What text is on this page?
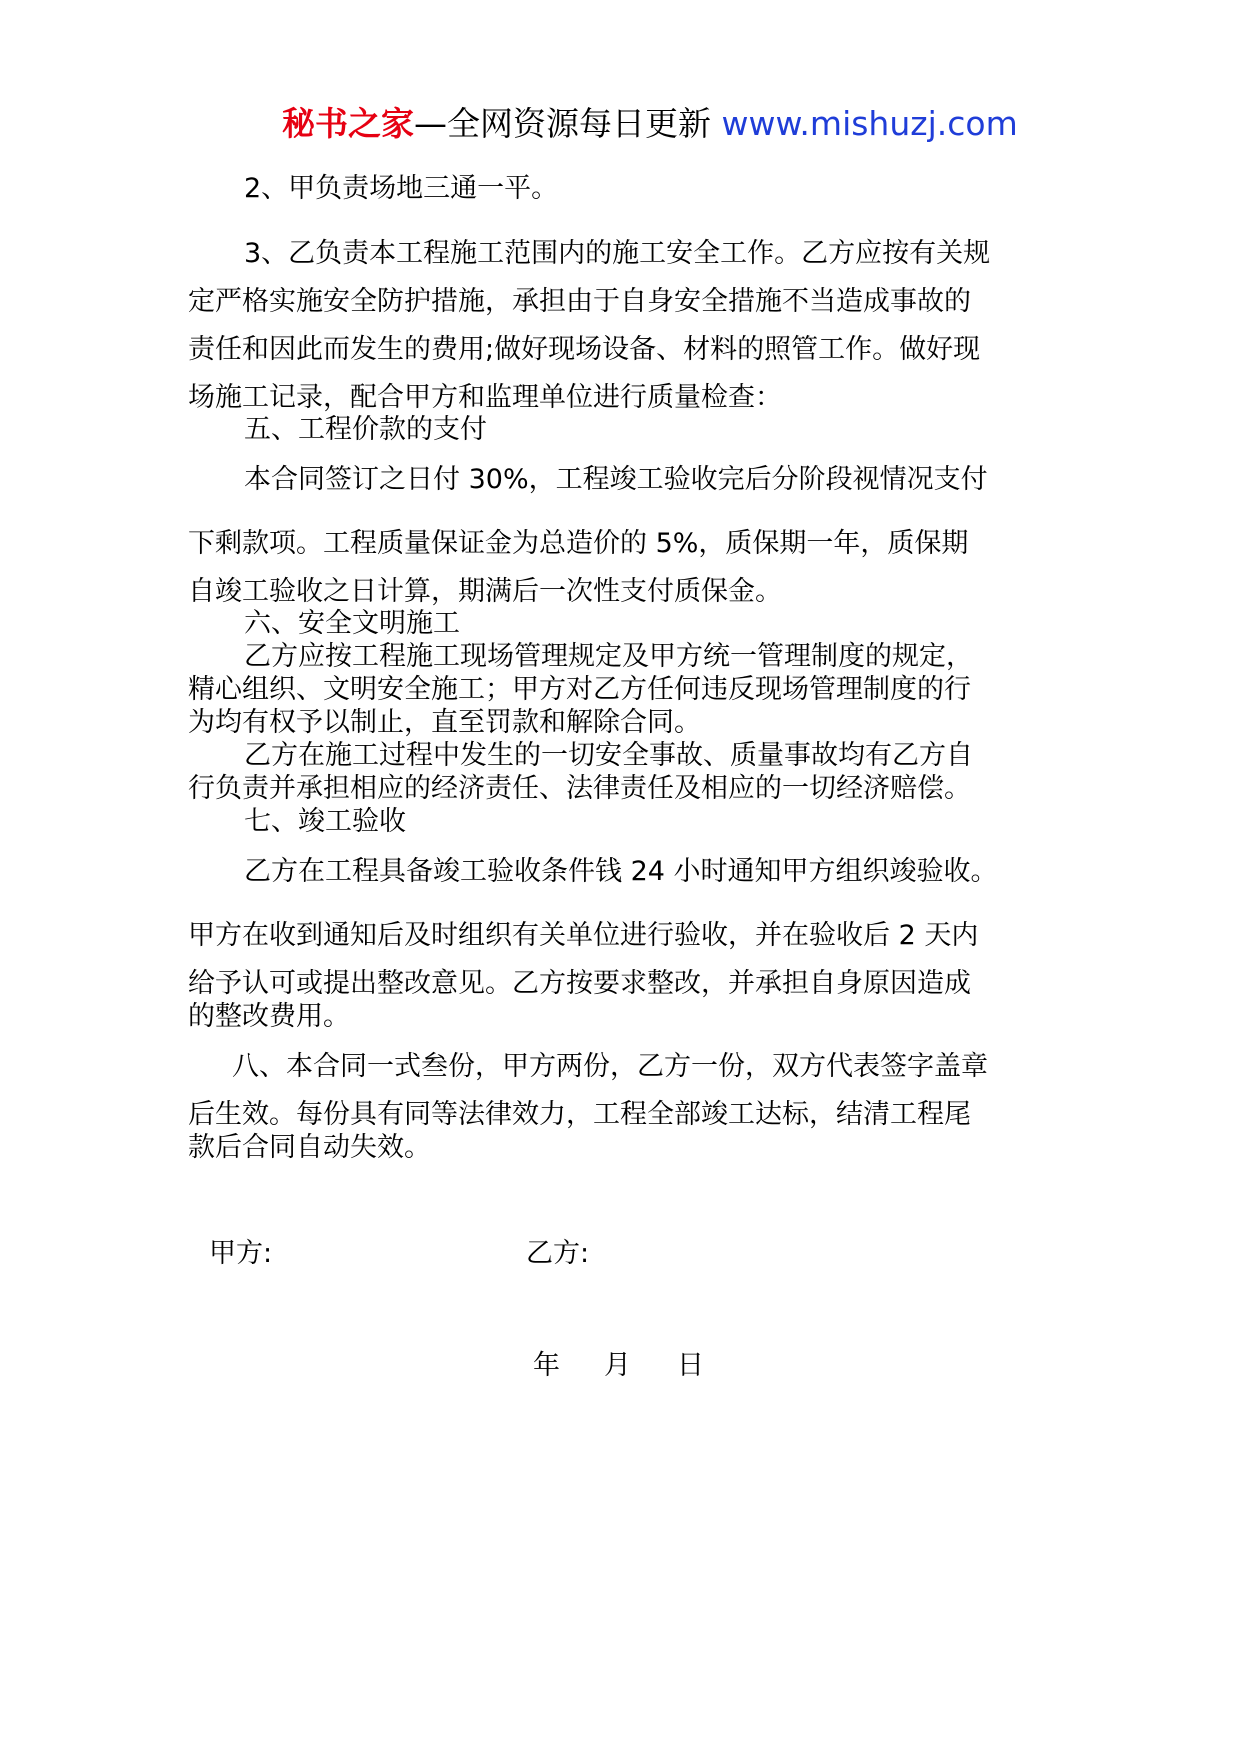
秘书之家—全网资源每日更新 www.mishuzj.com
2、甲负责场地三通一平。
3、乙负责本工程施工范围内的施工安全工作。乙方应按有关规
定严格实施安全防护措施，承担由于自身安全措施不当造成事故的
责任和因此而发生的费用;做好现场设备、材料的照管工作。做好现
场施工记录，配合甲方和监理单位进行质量检查：
五、工程价款的支付
本合同签订之日付 30%，工程竣工验收完后分阶段视情况支付
下剩款项。工程质量保证金为总造价的 5%，质保期一年，质保期
自竣工验收之日计算，期满后一次性支付质保金。
六、安全文明施工
乙方应按工程施工现场管理规定及甲方统一管理制度的规定，
精心组织、文明安全施工；甲方对乙方任何违反现场管理制度的行
为均有权予以制止，直至罚款和解除合同。
乙方在施工过程中发生的一切安全事故、质量事故均有乙方自
行负责并承担相应的经济责任、法律责任及相应的一切经济赔偿。
七、竣工验收
乙方在工程具备竣工验收条件钱 24 小时通知甲方组织竣验收。
甲方在收到通知后及时组织有关单位进行验收，并在验收后 2 天内
给予认可或提出整改意见。乙方按要求整改，并承担自身原因造成
的整改费用。
八、本合同一式叁份，甲方两份，乙方一份，双方代表签字盖章
后生效。每份具有同等法律效力，工程全部竣工达标，结清工程尾
款后合同自动失效。
甲方:	乙方:
年 月 日
